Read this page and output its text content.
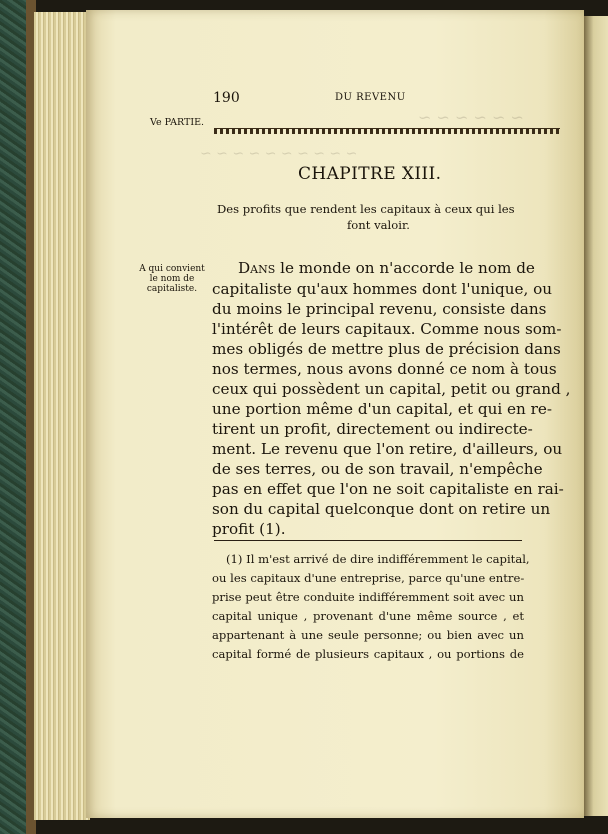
~ ~ ~ ~ ~ ~
~ ~ ~ ~ ~ ~ ~ ~ ~ ~
190	DU REVENU
Ve PARTIE.
CHAPITRE XIII.
Des profits que rendent les capitaux à ceux qui les
font valoir.
A qui convient
le nom de
capitaliste.
Dans le monde on n'accorde le nom de
capitaliste qu'aux hommes dont l'unique, ou
du moins le principal revenu, consiste dans
l'intérêt de leurs capitaux. Comme nous som-
mes obligés de mettre plus de précision dans
nos termes, nous avons donné ce nom à tous
ceux qui possèdent un capital, petit ou grand ,
une portion même d'un capital, et qui en re-
tirent un profit, directement ou indirecte-
ment. Le revenu que l'on retire, d'ailleurs, ou
de ses terres, ou de son travail, n'empêche
pas en effet que l'on ne soit capitaliste en rai-
son du capital quelconque dont on retire un
profit (1).
(1) Il m'est arrivé de dire indifféremment le capital,
ou les capitaux d'une entreprise, parce qu'une entre-
prise peut être conduite indifféremment soit avec un
capital unique , provenant d'une même source , et
appartenant à une seule personne; ou bien avec un
capital formé de plusieurs capitaux , ou portions de
